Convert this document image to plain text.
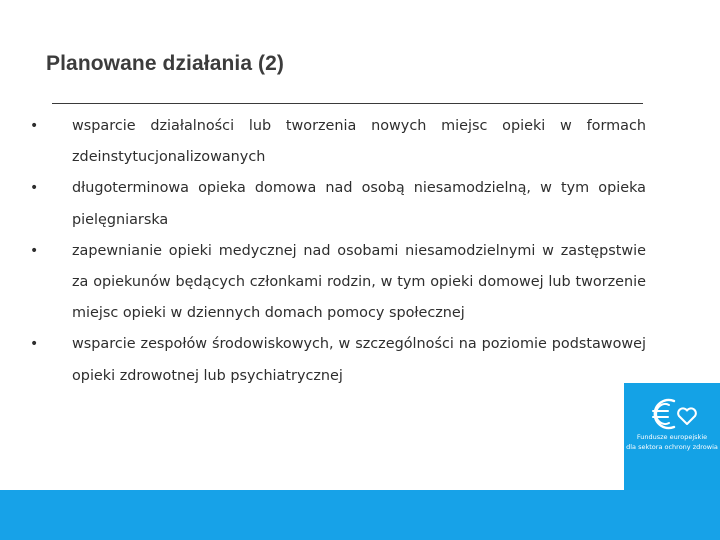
Planowane działania (2)
• wsparcie działalności lub tworzenia nowych miejsc opieki w formach zdeinstytucjonalizowanych
• długoterminowa opieka domowa nad osobą niesamodzielną, w tym opieka pielęgniarska
• zapewnianie opieki medycznej nad osobami niesamodzielnymi w zastępstwie za opiekunów będących członkami rodzin, w tym opieki domowej lub tworzenie miejsc opieki w dziennych domach pomocy społecznej
• wsparcie zespołów środowiskowych, w szczególności na poziomie podstawowej opieki zdrowotnej lub psychiatrycznej
Fundusze europejskie
dla sektora ochrony zdrowia
